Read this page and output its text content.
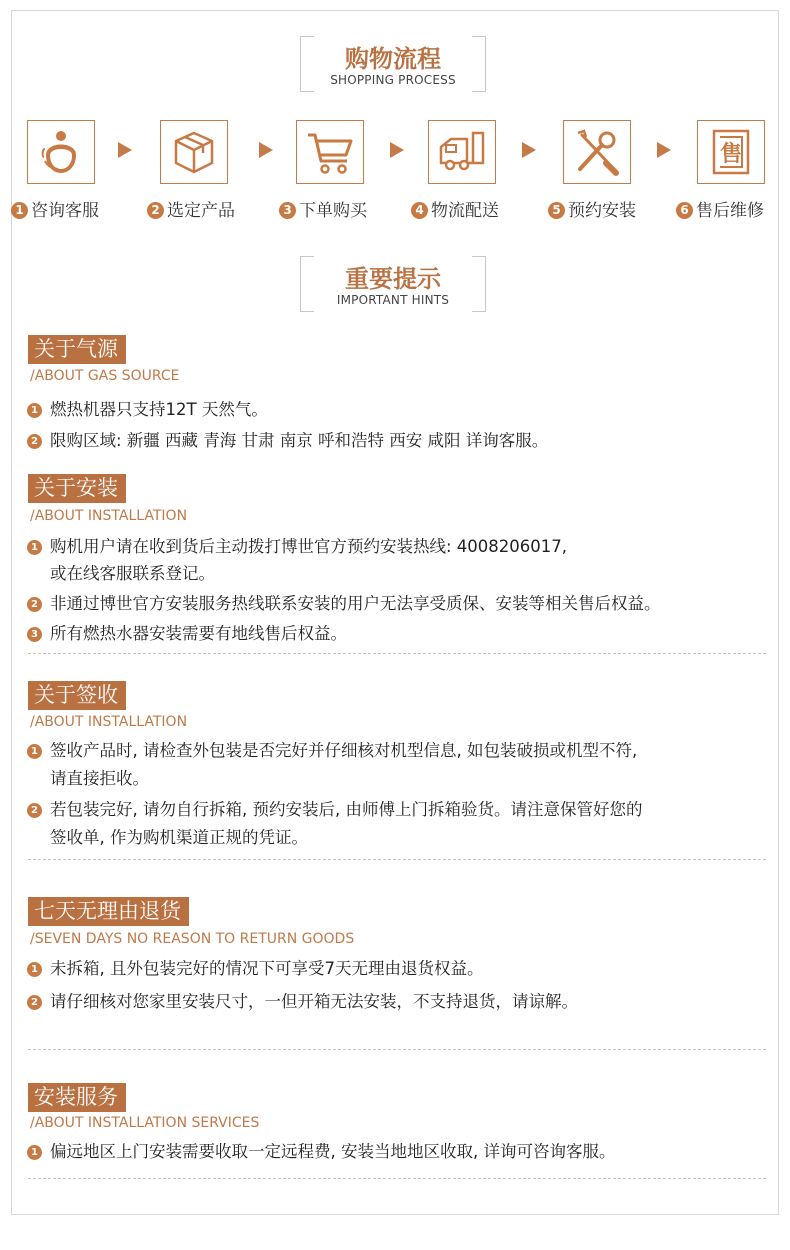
购物流程
SHOPPING PROCESS
售
1 咨询客服	2 选定产品	3 下单购买	4 物流配送	5 预约安装	6 售后维修
重要提示
IMPORTANT HINTS
关于气源
/ABOUT GAS SOURCE
1 燃热机器只支持12T 天然气。
2 限购区域: 新疆 西藏 青海 甘肃 南京 呼和浩特 西安 咸阳 详询客服。
关于安装
/ABOUT INSTALLATION
1 购机用户请在收到货后主动拨打博世官方预约安装热线: 4008206017,
或在线客服联系登记。
2 非通过博世官方安装服务热线联系安装的用户无法享受质保、安装等相关售后权益。
3 所有燃热水器安装需要有地线售后权益。
关于签收
/ABOUT INSTALLATION
1 签收产品时, 请检查外包装是否完好并仔细核对机型信息, 如包装破损或机型不符,
请直接拒收。
2 若包装完好, 请勿自行拆箱, 预约安装后, 由师傅上门拆箱验货。请注意保管好您的
签收单, 作为购机渠道正规的凭证。
七天无理由退货
/SEVEN DAYS NO REASON TO RETURN GOODS
1 未拆箱, 且外包装完好的情况下可享受7天无理由退货权益。
2 请仔细核对您家里安装尺寸，一但开箱无法安装，不支持退货，请谅解。
安装服务
/ABOUT INSTALLATION SERVICES
1 偏远地区上门安装需要收取一定远程费, 安装当地地区收取, 详询可咨询客服。
